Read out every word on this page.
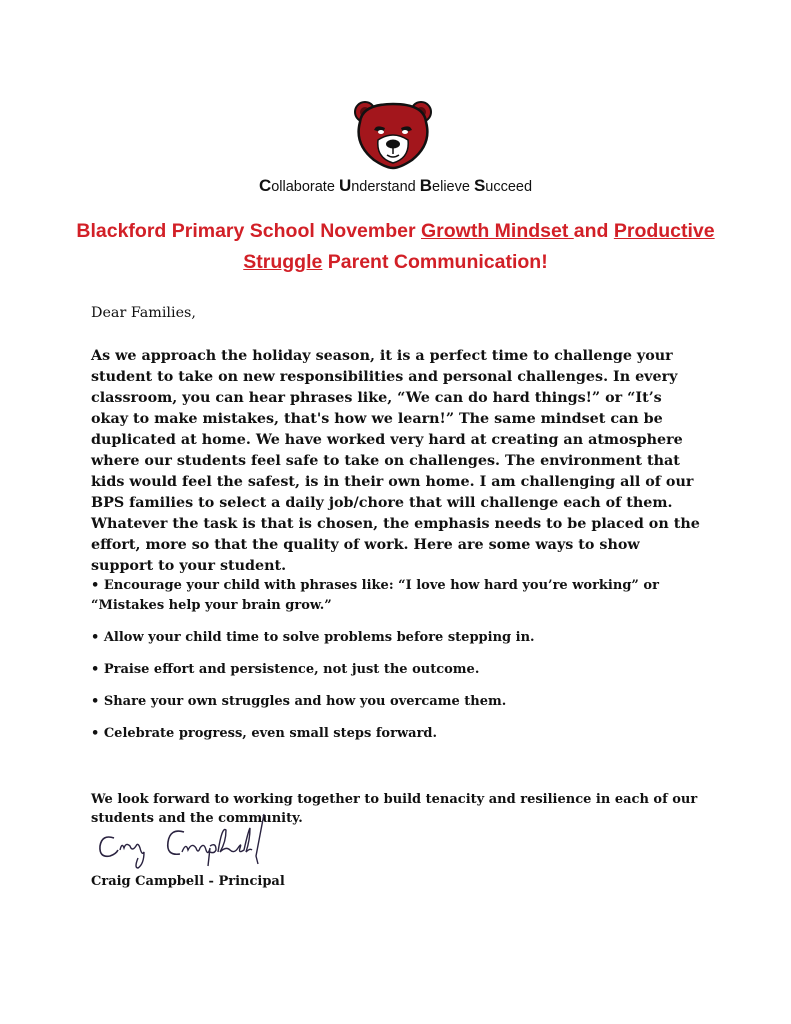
Collaborate Understand Believe Succeed
Blackford Primary School November Growth Mindset and Productive Struggle Parent Communication!
Dear Families,
As we approach the holiday season, it is a perfect time to challenge your student to take on new responsibilities and personal challenges. In every classroom, you can hear phrases like, “We can do hard things!” or “It’s okay to make mistakes, that's how we learn!” The same mindset can be duplicated at home. We have worked very hard at creating an atmosphere where our students feel safe to take on challenges. The environment that kids would feel the safest, is in their own home. I am challenging all of our BPS families to select a daily job/chore that will challenge each of them. Whatever the task is that is chosen, the emphasis needs to be placed on the effort, more so that the quality of work. Here are some ways to show support to your student.
• Encourage your child with phrases like: “I love how hard you’re working” or “Mistakes help your brain grow.”
• Allow your child time to solve problems before stepping in.
• Praise effort and persistence, not just the outcome.
• Share your own struggles and how you overcame them.
• Celebrate progress, even small steps forward.
We look forward to working together to build tenacity and resilience in each of our students and the community.
Craig Campbell - Principal
